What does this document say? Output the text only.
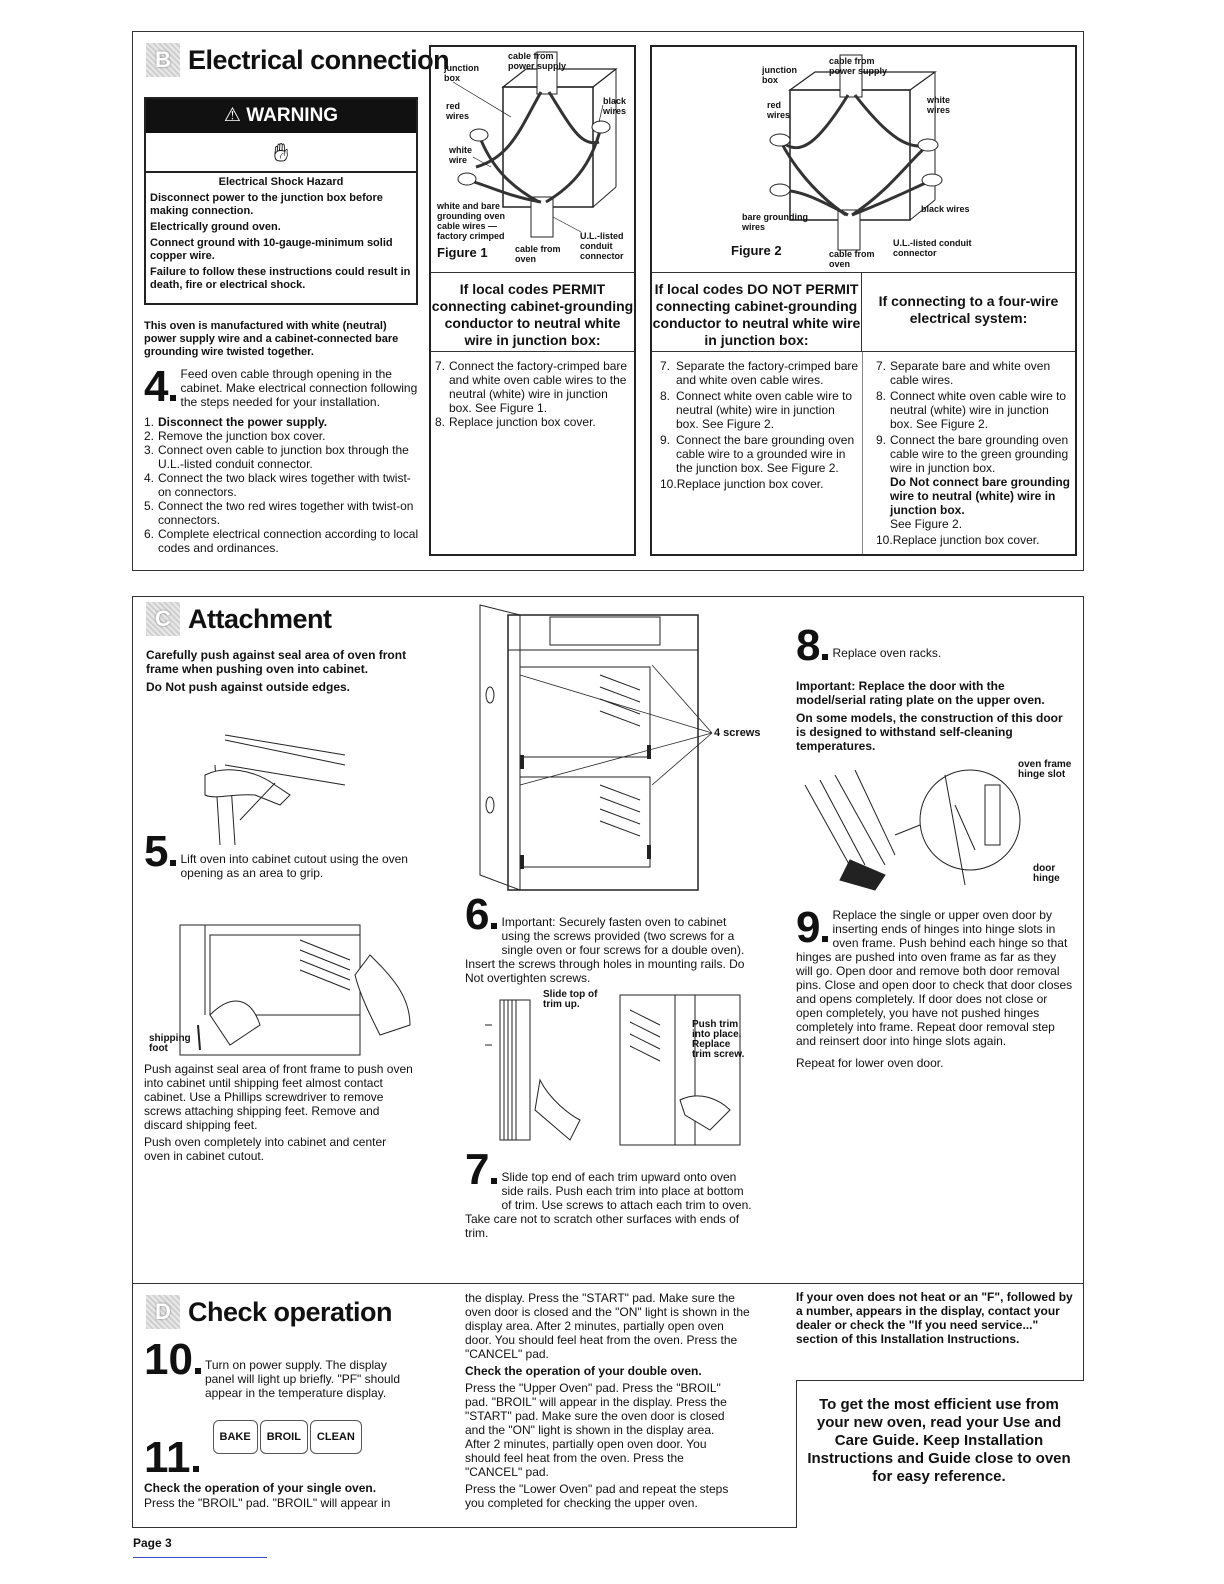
B Electrical connection
⚠ WARNING
✋︎
Electrical Shock Hazard
Disconnect power to the junction box before making connection.
Electrically ground oven.
Connect ground with 10-gauge-minimum solid copper wire.
Failure to follow these instructions could result in death, fire or electrical shock.
This oven is manufactured with white (neutral) power supply wire and a cabinet-connected bare grounding wire twisted together.
4	Feed oven cable through opening in the cabinet. Make electrical connection following the steps needed for your installation.
1. Disconnect the power supply.
2. Remove the junction box cover.
3. Connect oven cable to junction box through the U.L.-listed conduit connector.
4. Connect the two black wires together with twist-on connectors.
5. Connect the two red wires together with twist-on connectors.
6. Complete electrical connection according to local codes and ordinances.
cable from power supply
junction box
black wires
red wires
white wire
white and bare grounding oven cable wires — factory crimped
Figure 1	cable from oven
U.L.-listed conduit connector
If local codes PERMIT connecting cabinet-grounding conductor to neutral white wire in junction box:
7. Connect the factory-crimped bare and white oven cable wires to the neutral (white) wire in junction box. See Figure 1.
8. Replace junction box cover.
junction box
cable from power supply
red wires
white wires
bare grounding wires
black wires
Figure 2	cable from oven
U.L.-listed conduit connector
If local codes DO NOT PERMIT connecting cabinet-grounding conductor to neutral white wire in junction box:
If connecting to a four-wire electrical system:
7. Separate the factory-crimped bare and white oven cable wires.
8. Connect white oven cable wire to neutral (white) wire in junction box. See Figure 2.
9. Connect the bare grounding oven cable wire to a grounded wire in the junction box. See Figure 2.
10. Replace junction box cover.
7. Separate bare and white oven cable wires.
8. Connect white oven cable wire to neutral (white) wire in junction box. See Figure 2.
9. Connect the bare grounding oven cable wire to the green grounding wire in junction box.
Do Not connect bare grounding wire to neutral (white) wire in junction box.
See Figure 2.
10. Replace junction box cover.
C Attachment
Carefully push against seal area of oven front frame when pushing oven into cabinet.
Do Not push against outside edges.
5	Lift oven into cabinet cutout using the oven opening as an area to grip.
shipping foot
Push against seal area of front frame to push oven into cabinet until shipping feet almost contact cabinet. Use a Phillips screwdriver to remove screws attaching shipping feet. Remove and discard shipping feet.
Push oven completely into cabinet and center oven in cabinet cutout.
4 screws
6	Important: Securely fasten oven to cabinet using the screws provided (two screws for a single oven or four screws for a double oven). Insert the screws through holes in mounting rails. Do Not overtighten screws.
Slide top of trim up.
Push trim into place. Replace trim screw.
7	Slide top end of each trim upward onto oven side rails. Push each trim into place at bottom of trim. Use screws to attach each trim to oven. Take care not to scratch other surfaces with ends of trim.
8	Replace oven racks.
Important: Replace the door with the model/serial rating plate on the upper oven.
On some models, the construction of this door is designed to withstand self-cleaning temperatures.
oven frame hinge slot
door hinge
9	Replace the single or upper oven door by inserting ends of hinges into hinge slots in oven frame. Push behind each hinge so that hinges are pushed into oven frame as far as they will go. Open door and remove both door removal pins. Close and open door to check that door closes and opens completely. If door does not close or open completely, you have not pushed hinges completely into frame. Repeat door removal step and reinsert door into hinge slots again.
Repeat for lower oven door.
D Check operation
10	Turn on power supply. The display panel will light up briefly. "PF" should appear in the temperature display.
11	BAKE BROIL CLEAN
Check the operation of your single oven.
Press the "BROIL" pad. "BROIL" will appear in
the display. Press the "START" pad. Make sure the oven door is closed and the "ON" light is shown in the display area. After 2 minutes, partially open oven door. You should feel heat from the oven. Press the "CANCEL" pad.
Check the operation of your double oven.
Press the "Upper Oven" pad. Press the "BROIL" pad. "BROIL" will appear in the display. Press the "START" pad. Make sure the oven door is closed and the "ON" light is shown in the display area. After 2 minutes, partially open oven door. You should feel heat from the oven. Press the "CANCEL" pad.
Press the "Lower Oven" pad and repeat the steps you completed for checking the upper oven.
If your oven does not heat or an "F", followed by a number, appears in the display, contact your dealer or check the "If you need service..." section of this Installation Instructions.
To get the most efficient use from your new oven, read your Use and Care Guide. Keep Installation Instructions and Guide close to oven for easy reference.
Page 3
